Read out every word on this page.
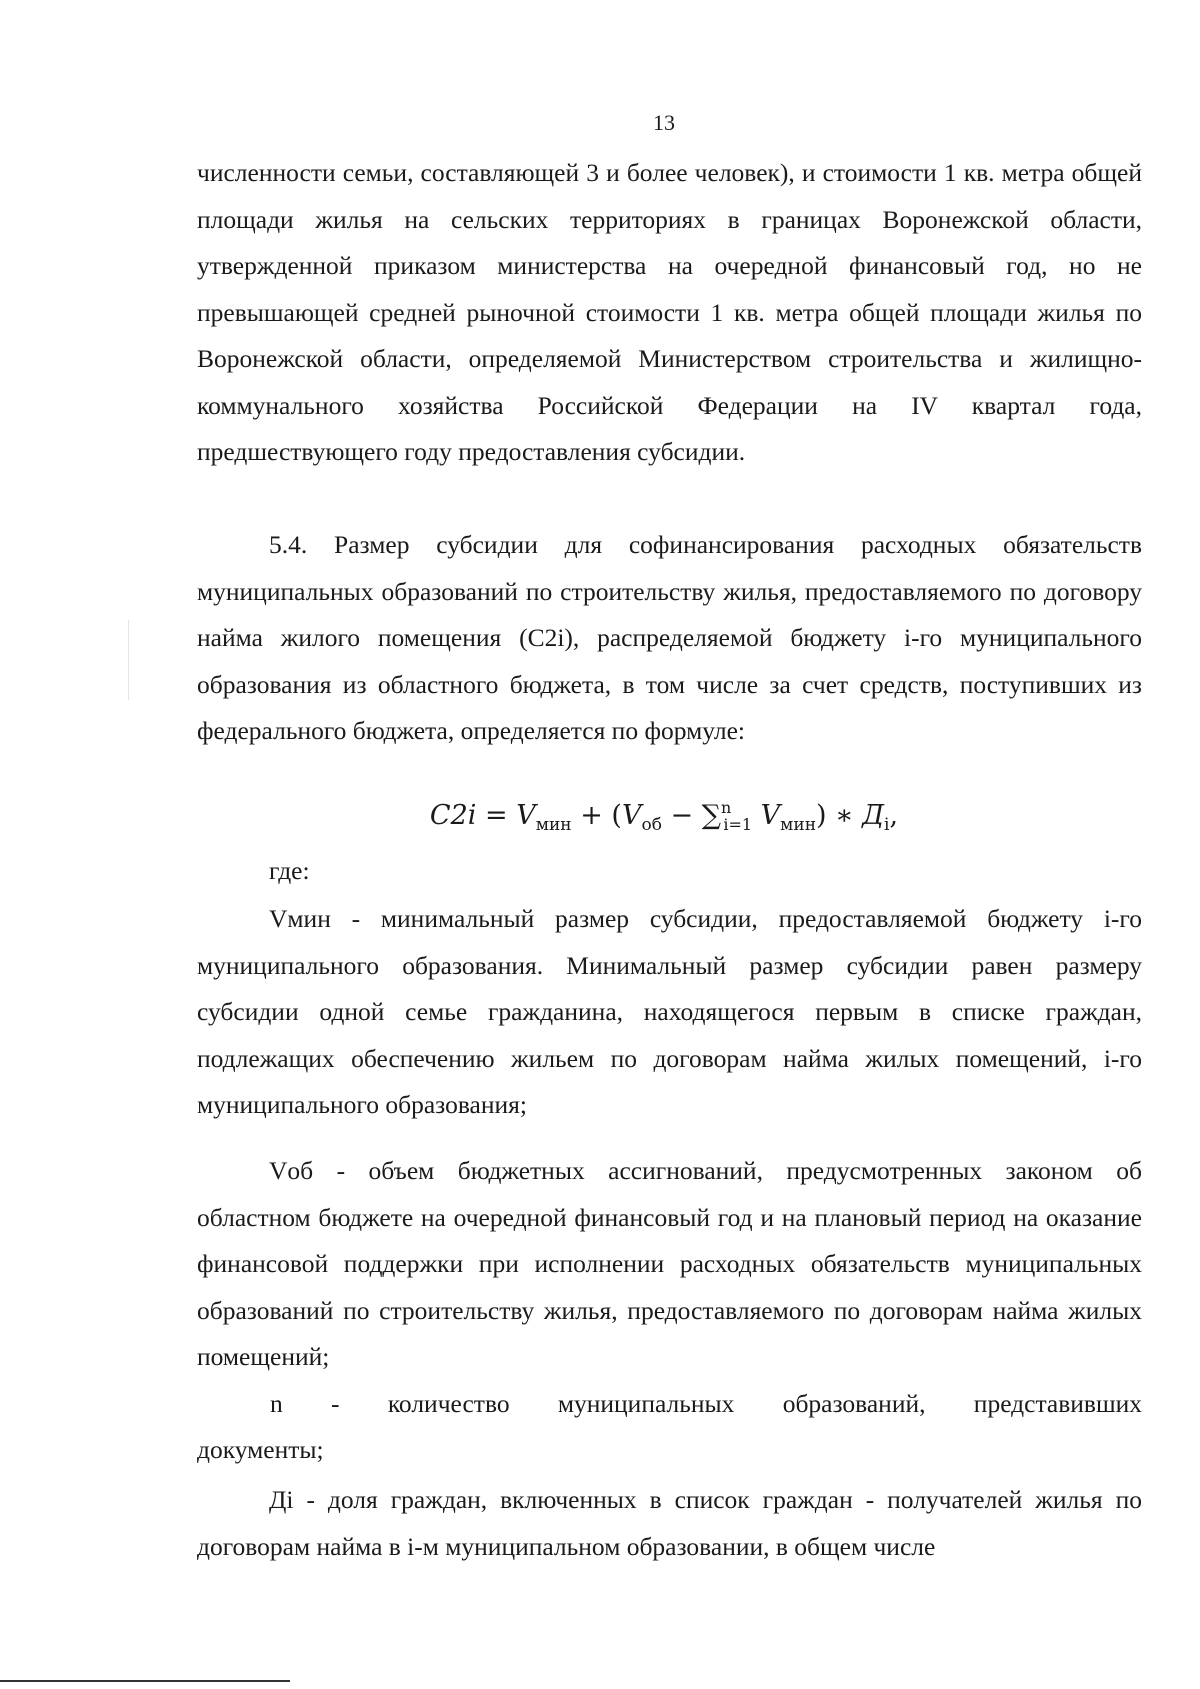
13
численности семьи, составляющей 3 и более человек), и стоимости 1 кв. метра общей площади жилья на сельских территориях в границах Воронежской области, утвержденной приказом министерства на очередной финансовый год, но не превышающей средней рыночной стоимости 1 кв. метра общей площади жилья по Воронежской области, определяемой Министерством строительства и жилищно-коммунального хозяйства Российской Федерации на IV квартал года, предшествующего году предоставления субсидии.
5.4. Размер субсидии для софинансирования расходных обязательств муниципальных образований по строительству жилья, предоставляемого по договору найма жилого помещения (С2i), распределяемой бюджету i-го муниципального образования из областного бюджета, в том числе за счет средств, поступивших из федерального бюджета, определяется по формуле:
$C2i = V_{мин} + (V_{об} - \sum^n_{i=1}$ $V_{мин}$) ∗ $Д_i$,
где:
Vмин - минимальный размер субсидии, предоставляемой бюджету i-го муниципального образования. Минимальный размер субсидии равен размеру субсидии одной семье гражданина, находящегося первым в списке граждан, подлежащих обеспечению жильем по договорам найма жилых помещений, i-го муниципального образования;
Vоб - объем бюджетных ассигнований, предусмотренных законом об областном бюджете на очередной финансовый год и на плановый период на оказание финансовой поддержки при исполнении расходных обязательств муниципальных образований по строительству жилья, предоставляемого по договорам найма жилых помещений;
n - количество муниципальных образований, представивших
документы;
Дi - доля граждан, включенных в список граждан - получателей жилья по договорам найма в i-м муниципальном образовании, в общем числе
